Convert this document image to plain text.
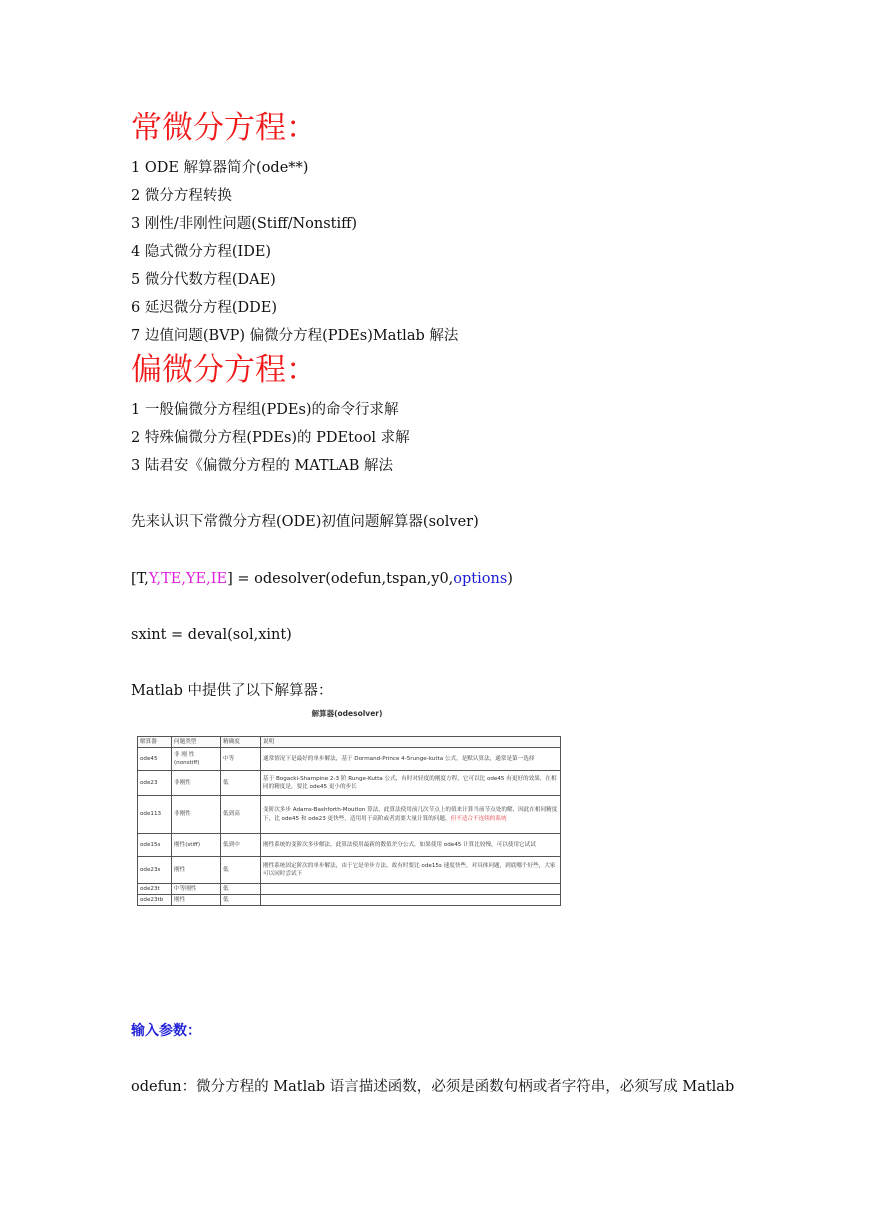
常微分方程：
1 ODE 解算器简介(ode**)
2 微分方程转换
3 刚性/非刚性问题(Stiff/Nonstiff)
4 隐式微分方程(IDE)
5 微分代数方程(DAE)
6 延迟微分方程(DDE)
7 边值问题(BVP) 偏微分方程(PDEs)Matlab 解法
偏微分方程：
1 一般偏微分方程组(PDEs)的命令行求解
2 特殊偏微分方程(PDEs)的 PDEtool 求解
3 陆君安《偏微分方程的 MATLAB 解法
先来认识下常微分方程(ODE)初值问题解算器(solver)
[T,Y,TE,YE,IE] = odesolver(odefun,tspan,y0,options)
sxint = deval(sol,xint)
Matlab 中提供了以下解算器：
解算器(odesolver)
解算器	问题类型	精确度	说明
ode45	非 刚 性 (nonstiff)	中等	通常情况下是最好的单步解法，基于 Dormand-Prince 4-5runge-kutta 公式，是默认算法，通常是第一选择
ode23	非刚性	低	基于 Bogacki-Shampine 2-3 阶 Runge-Kutta 公式，有时对轻度的刚度方程，它可以比 ode45 有更好的效果，在相同的精度是，要比 ode45 更小的步长
ode113	非刚性	低到高	变阶次多步 Adams-Bashforth-Moutlon 算法，此算法使用前几次节点上的值来计算当前节点处的解，因此在相同精度下，比 ode45 和 ode23 更快些，适用用于高阶或者需要大量计算的问题，但不适合不连续的系统
ode15s	刚性(stiff)	低到中	刚性系统的变阶次多步解法，此算法使用最新的数值差分公式，如果使用 ode45 计算比较慢，可以使用它试试
ode23s	刚性	低	刚性系统固定阶次的单步解法，由于它是单步方法，故有时要比 ode15s 速度快些，对具体问题，到底哪个好些，大家可以同时尝试下
ode23t	中等刚性	低	
ode23tb	刚性	低	
输入参数：
odefun：微分方程的 Matlab 语言描述函数，必须是函数句柄或者字符串，必须写成 Matlab
